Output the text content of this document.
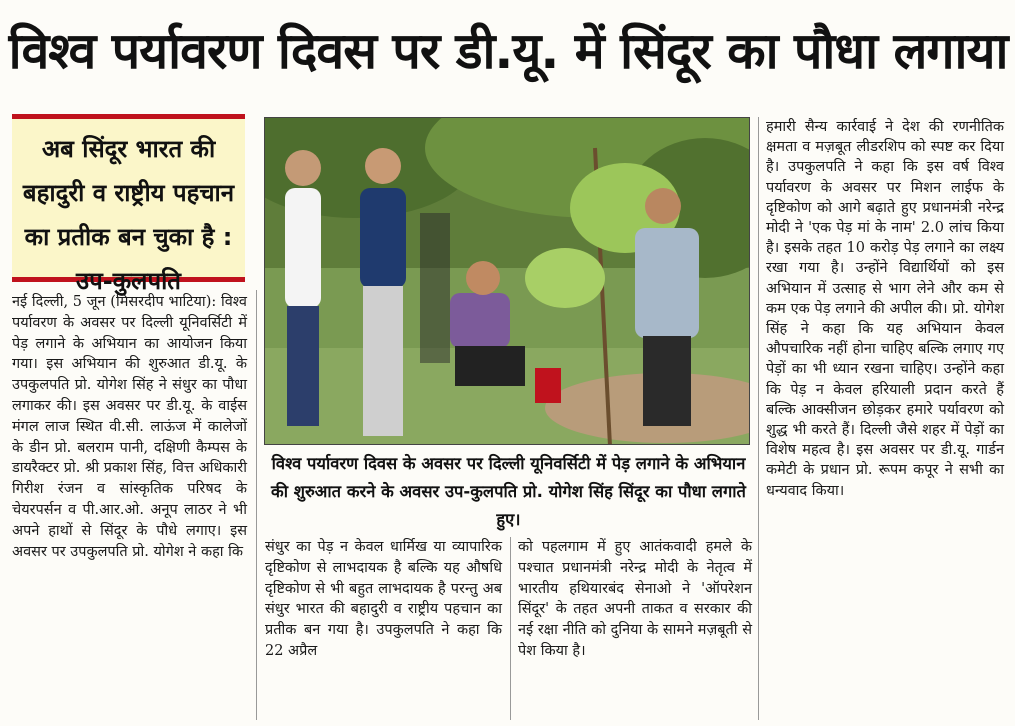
विश्व पर्यावरण दिवस पर डी.यू. में सिंदूर का पौधा लगाया
अब सिंदूर भारत की बहादुरी व राष्ट्रीय पहचान का प्रतीक बन चुका है : उप-कुलपति
नई दिल्ली, 5 जून (मिसरदीप भाटिया): विश्व पर्यावरण के अवसर पर दिल्ली यूनिवर्सिटी में पेड़ लगाने के अभियान का आयोजन किया गया। इस अभियान की शुरुआत डी.यू. के उपकुलपति प्रो. योगेश सिंह ने संधुर का पौधा लगाकर की। इस अवसर पर डी.यू. के वाईस मंगल लाज स्थित वी.सी. लाऊंज में कालेजों के डीन प्रो. बलराम पानी, दक्षिणी कैम्पस के डायरैक्टर प्रो. श्री प्रकाश सिंह, वित्त अधिकारी गिरीश रंजन व सांस्कृतिक परिषद के चेयरपर्सन व पी.आर.ओ. अनूप लाठर ने भी अपने हाथों से सिंदूर के पौधे लगाए। इस अवसर पर उपकुलपति प्रो. योगेश ने कहा कि
विश्व पर्यावरण दिवस के अवसर पर दिल्ली यूनिवर्सिटी में पेड़ लगाने के अभियान की शुरुआत करने के अवसर उप-कुलपति प्रो. योगेश सिंह सिंदूर का पौधा लगाते हुए।
संधुर का पेड़ न केवल धार्मिख या व्यापारिक दृष्टिकोण से लाभदायक है बल्कि यह औषधि दृष्टिकोण से भी बहुत लाभदायक है परन्तु अब संधुर भारत की बहादुरी व राष्ट्रीय पहचान का प्रतीक बन गया है। उपकुलपति ने कहा कि 22 अप्रैल
को पहलगाम में हुए आतंकवादी हमले के पश्चात प्रधानमंत्री नरेन्द्र मोदी के नेतृत्व में भारतीय हथियारबंद सेनाओ ने 'ऑपरेशन सिंदूर' के तहत अपनी ताकत व सरकार की नई रक्षा नीति को दुनिया के सामने मज़बूती से पेश किया है।
हमारी सैन्य कार्रवाई ने देश की रणनीतिक क्षमता व मज़बूत लीडरशिप को स्पष्ट कर दिया है। उपकुलपति ने कहा कि इस वर्ष विश्व पर्यावरण के अवसर पर मिशन लाईफ के दृष्टिकोण को आगे बढ़ाते हुए प्रधानमंत्री नरेन्द्र मोदी ने 'एक पेड़ मां के नाम' 2.0 लांच किया है। इसके तहत 10 करोड़ पेड़ लगाने का लक्ष्य रखा गया है। उन्होंने विद्यार्थियों को इस अभियान में उत्साह से भाग लेने और कम से कम एक पेड़ लगाने की अपील की। प्रो. योगेश सिंह ने कहा कि यह अभियान केवल औपचारिक नहीं होना चाहिए बल्कि लगाए गए पेड़ों का भी ध्यान रखना चाहिए। उन्होंने कहा कि पेड़ न केवल हरियाली प्रदान करते हैं बल्कि आक्सीजन छोड़कर हमारे पर्यावरण को शुद्ध भी करते हैं। दिल्ली जैसे शहर में पेड़ों का विशेष महत्व है। इस अवसर पर डी.यू. गार्डन कमेटी के प्रधान प्रो. रूपम कपूर ने सभी का धन्यवाद किया।
